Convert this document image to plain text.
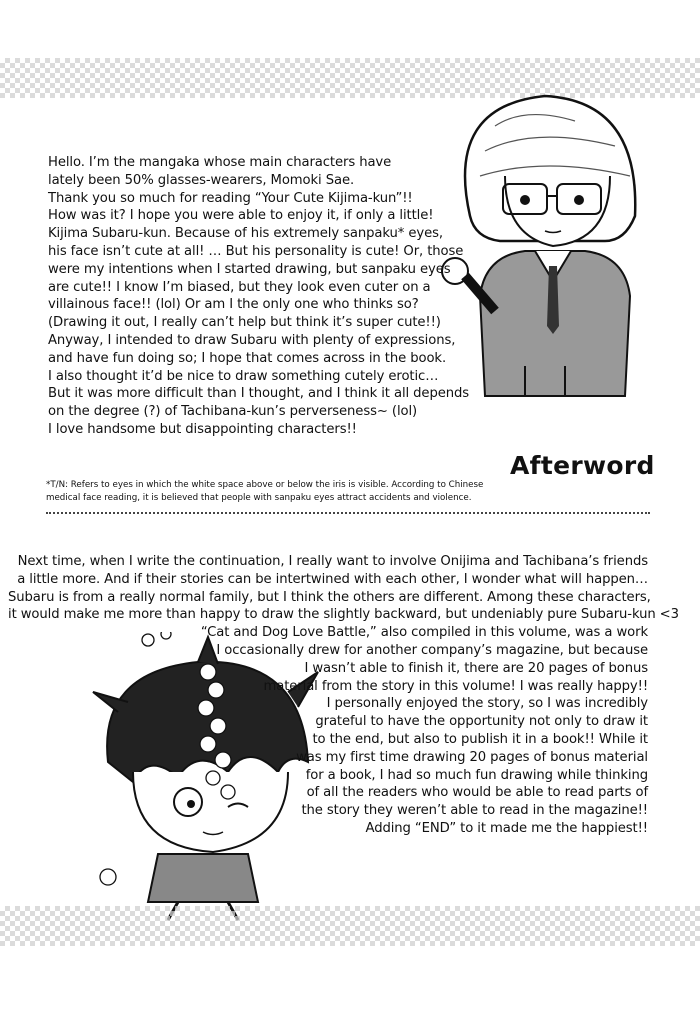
Hello. I’m the mangaka whose main characters have
lately been 50% glasses-wearers, Momoki Sae.
Thank you so much for reading “Your Cute Kijima-kun”!!
How was it? I hope you were able to enjoy it, if only a little!
Kijima Subaru-kun. Because of his extremely sanpaku* eyes,
his face isn’t cute at all! … But his personality is cute! Or, those
were my intentions when I started drawing, but sanpaku eyes
are cute!! I know I’m biased, but they look even cuter on a
villainous face!! (lol) Or am I the only one who thinks so?
(Drawing it out, I really can’t help but think it’s super cute!!)
Anyway, I intended to draw Subaru with plenty of expressions,
and have fun doing so; I hope that comes across in the book.
I also thought it’d be nice to draw something cutely erotic…
But it was more difficult than I thought, and I think it all depends
on the degree (?) of Tachibana-kun’s perverseness~ (lol)
I love handsome but disappointing characters!!
Afterword
*T/N: Refers to eyes in which the white space above or below the iris is visible. According to Chinese
medical face reading, it is believed that people with sanpaku eyes attract accidents and violence.
Next time, when I write the continuation, I really want to involve Onijima and Tachibana’s friends
a little more. And if their stories can be intertwined with each other, I wonder what will happen…
Subaru is from a really normal family, but I think the others are different. Among these characters,
it would make me more than happy to draw the slightly backward, but undeniably pure Subaru-kun <3
“Cat and Dog Love Battle,” also compiled in this volume, was a work
I occasionally drew for another company’s magazine, but because
I wasn’t able to finish it, there are 20 pages of bonus
material from the story in this volume! I was really happy!!
I personally enjoyed the story, so I was incredibly
grateful to have the opportunity not only to draw it
to the end, but also to publish it in a book!! While it
was my first time drawing 20 pages of bonus material
for a book, I had so much fun drawing while thinking
of all the readers who would be able to read parts of
the story they weren’t able to read in the magazine!!
Adding “END” to it made me the happiest!!
